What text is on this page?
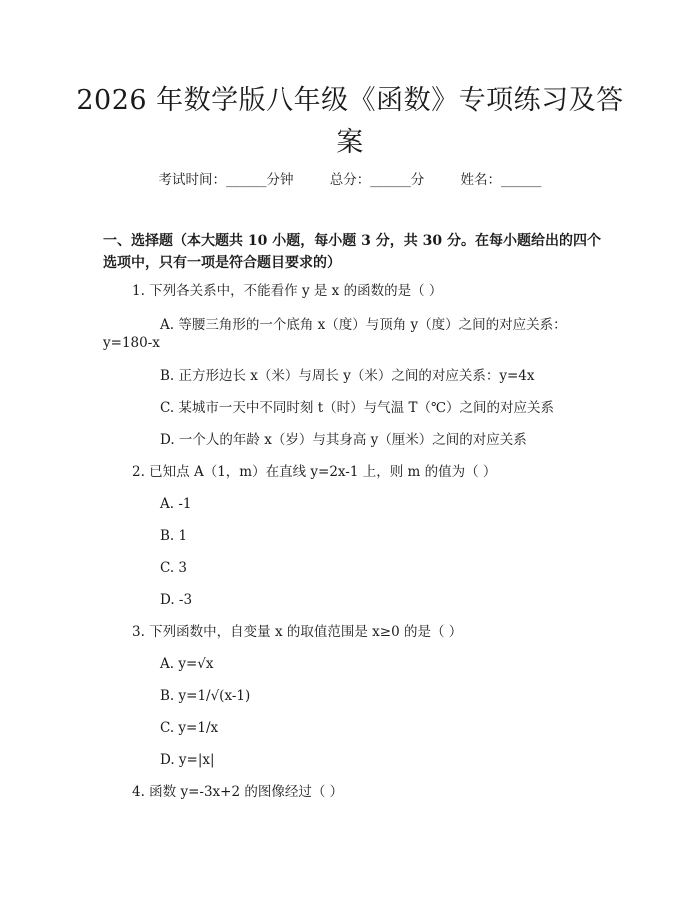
2026 年数学版八年级《函数》专项练习及答
案
考试时间：______分钟	总分：______分	姓名：______
一、选择题（本大题共 10 小题，每小题 3 分，共 30 分。在每小题给出的四个选项中，只有一项是符合题目要求的）
1. 下列各关系中，不能看作 y 是 x 的函数的是（ ）
A. 等腰三角形的一个底角 x（度）与顶角 y（度）之间的对应关系：
y=180-x
B. 正方形边长 x（米）与周长 y（米）之间的对应关系：y=4x
C. 某城市一天中不同时刻 t（时）与气温 T（℃）之间的对应关系
D. 一个人的年龄 x（岁）与其身高 y（厘米）之间的对应关系
2. 已知点 A（1，m）在直线 y=2x-1 上，则 m 的值为（ ）
A. -1
B. 1
C. 3
D. -3
3. 下列函数中，自变量 x 的取值范围是 x≥0 的是（ ）
A. y=√x
B. y=1/√(x-1)
C. y=1/x
D. y=|x|
4. 函数 y=-3x+2 的图像经过（ ）
